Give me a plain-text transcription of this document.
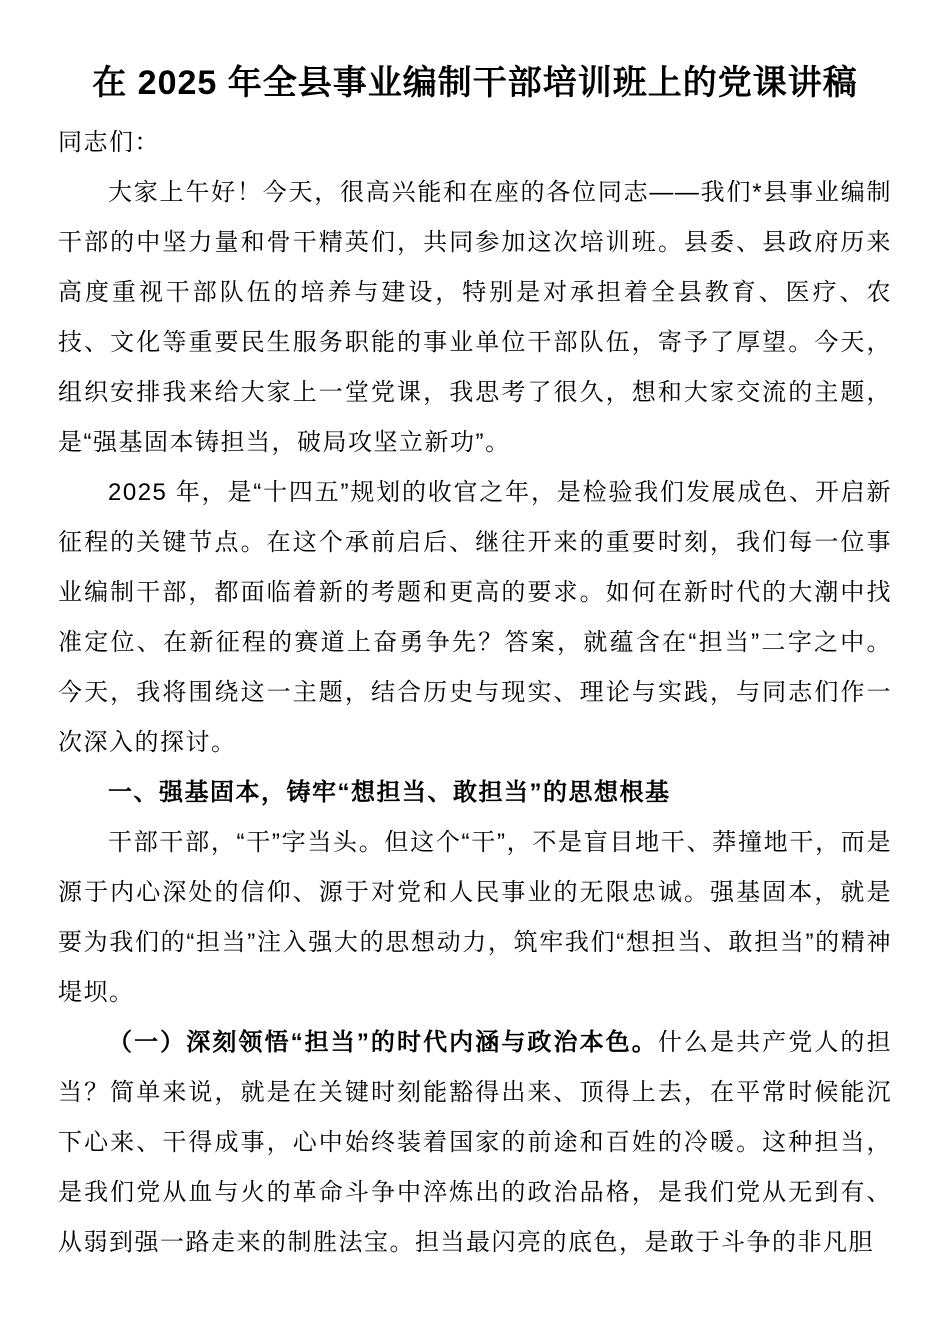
在 2025 年全县事业编制干部培训班上的党课讲稿

同志们：

大家上午好！今天，很高兴能和在座的各位同志——我们*县事业编制干部的中坚力量和骨干精英们，共同参加这次培训班。县委、县政府历来高度重视干部队伍的培养与建设，特别是对承担着全县教育、医疗、农技、文化等重要民生服务职能的事业单位干部队伍，寄予了厚望。今天，组织安排我来给大家上一堂党课，我思考了很久，想和大家交流的主题，是“强基固本铸担当，破局攻坚立新功”。

2025 年，是“十四五”规划的收官之年，是检验我们发展成色、开启新征程的关键节点。在这个承前启后、继往开来的重要时刻，我们每一位事业编制干部，都面临着新的考题和更高的要求。如何在新时代的大潮中找准定位、在新征程的赛道上奋勇争先？答案，就蕴含在“担当”二字之中。今天，我将围绕这一主题，结合历史与现实、理论与实践，与同志们作一次深入的探讨。

一、强基固本，铸牢“想担当、敢担当”的思想根基

干部干部，“干”字当头。但这个“干”，不是盲目地干、莽撞地干，而是源于内心深处的信仰、源于对党和人民事业的无限忠诚。强基固本，就是要为我们的“担当”注入强大的思想动力，筑牢我们“想担当、敢担当”的精神堤坝。

（一）深刻领悟“担当”的时代内涵与政治本色。什么是共产党人的担当？简单来说，就是在关键时刻能豁得出来、顶得上去，在平常时候能沉下心来、干得成事，心中始终装着国家的前途和百姓的冷暖。这种担当，是我们党从血与火的革命斗争中淬炼出的政治品格，是我们党从无到有、从弱到强一路走来的制胜法宝。担当最闪亮的底色，是敢于斗争的非凡胆
